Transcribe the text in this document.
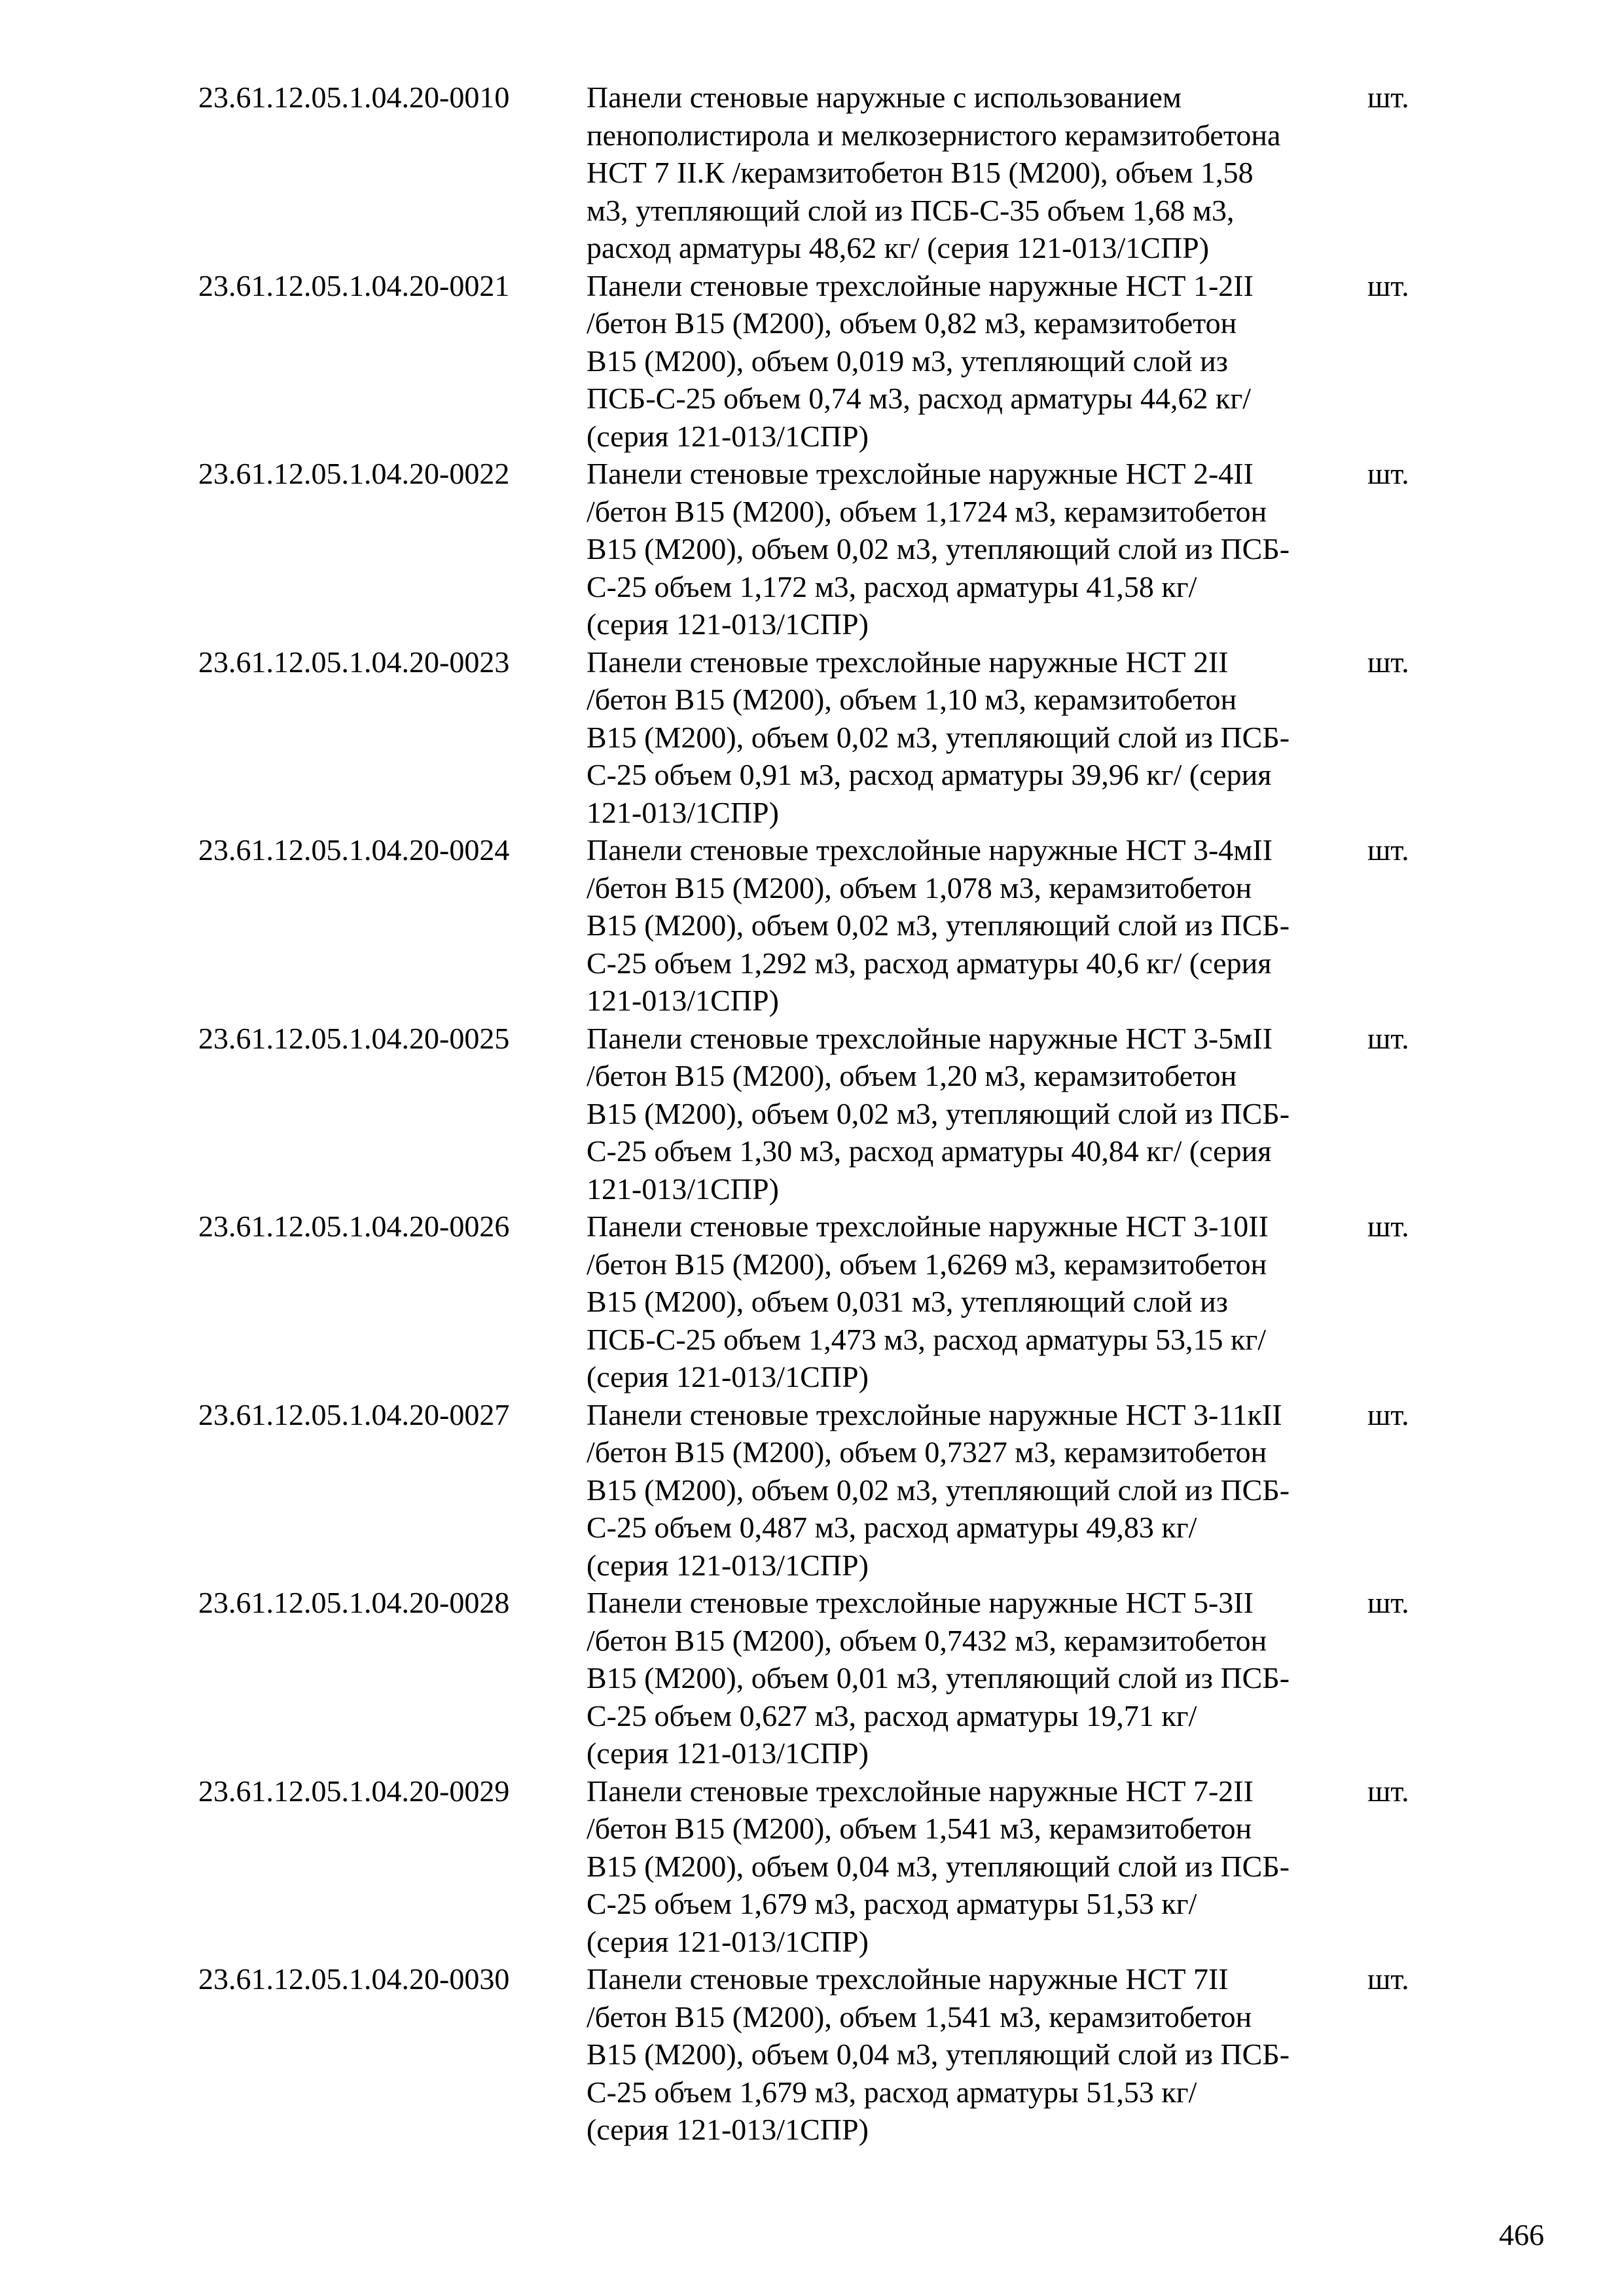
23.61.12.05.1.04.20-0010	Панели стеновые наружные с использованием
пенополистирола и мелкозернистого керамзитобетона
НСТ 7 II.К /керамзитобетон В15 (М200), объем 1,58
м3, утепляющий слой из ПСБ-С-35 объем 1,68 м3,
расход арматуры 48,62 кг/ (серия 121-013/1СПР)
шт.
23.61.12.05.1.04.20-0021	Панели стеновые трехслойные наружные НСТ 1-2II
/бетон В15 (М200), объем 0,82 м3, керамзитобетон
В15 (М200), объем 0,019 м3, утепляющий слой из
ПСБ-С-25 объем 0,74 м3, расход арматуры 44,62 кг/
(серия 121-013/1СПР)
шт.
23.61.12.05.1.04.20-0022	Панели стеновые трехслойные наружные НСТ 2-4II
/бетон В15 (М200), объем 1,1724 м3, керамзитобетон
В15 (М200), объем 0,02 м3, утепляющий слой из ПСБ-
С-25 объем 1,172 м3, расход арматуры 41,58 кг/
(серия 121-013/1СПР)
шт.
23.61.12.05.1.04.20-0023	Панели стеновые трехслойные наружные НСТ 2II
/бетон В15 (М200), объем 1,10 м3, керамзитобетон
В15 (М200), объем 0,02 м3, утепляющий слой из ПСБ-
С-25 объем 0,91 м3, расход арматуры 39,96 кг/ (серия
121-013/1СПР)
шт.
23.61.12.05.1.04.20-0024	Панели стеновые трехслойные наружные НСТ 3-4мII
/бетон В15 (М200), объем 1,078 м3, керамзитобетон
В15 (М200), объем 0,02 м3, утепляющий слой из ПСБ-
С-25 объем 1,292 м3, расход арматуры 40,6 кг/ (серия
121-013/1СПР)
шт.
23.61.12.05.1.04.20-0025	Панели стеновые трехслойные наружные НСТ 3-5мII
/бетон В15 (М200), объем 1,20 м3, керамзитобетон
В15 (М200), объем 0,02 м3, утепляющий слой из ПСБ-
С-25 объем 1,30 м3, расход арматуры 40,84 кг/ (серия
121-013/1СПР)
шт.
23.61.12.05.1.04.20-0026	Панели стеновые трехслойные наружные НСТ 3-10II
/бетон В15 (М200), объем 1,6269 м3, керамзитобетон
В15 (М200), объем 0,031 м3, утепляющий слой из
ПСБ-С-25 объем 1,473 м3, расход арматуры 53,15 кг/
(серия 121-013/1СПР)
шт.
23.61.12.05.1.04.20-0027	Панели стеновые трехслойные наружные НСТ 3-11кII
/бетон В15 (М200), объем 0,7327 м3, керамзитобетон
В15 (М200), объем 0,02 м3, утепляющий слой из ПСБ-
С-25 объем 0,487 м3, расход арматуры 49,83 кг/
(серия 121-013/1СПР)
шт.
23.61.12.05.1.04.20-0028	Панели стеновые трехслойные наружные НСТ 5-3II
/бетон В15 (М200), объем 0,7432 м3, керамзитобетон
В15 (М200), объем 0,01 м3, утепляющий слой из ПСБ-
С-25 объем 0,627 м3, расход арматуры 19,71 кг/
(серия 121-013/1СПР)
шт.
23.61.12.05.1.04.20-0029	Панели стеновые трехслойные наружные НСТ 7-2II
/бетон В15 (М200), объем 1,541 м3, керамзитобетон
В15 (М200), объем 0,04 м3, утепляющий слой из ПСБ-
С-25 объем 1,679 м3, расход арматуры 51,53 кг/
(серия 121-013/1СПР)
шт.
23.61.12.05.1.04.20-0030	Панели стеновые трехслойные наружные НСТ 7II
/бетон В15 (М200), объем 1,541 м3, керамзитобетон
В15 (М200), объем 0,04 м3, утепляющий слой из ПСБ-
С-25 объем 1,679 м3, расход арматуры 51,53 кг/
(серия 121-013/1СПР)
шт.
466
